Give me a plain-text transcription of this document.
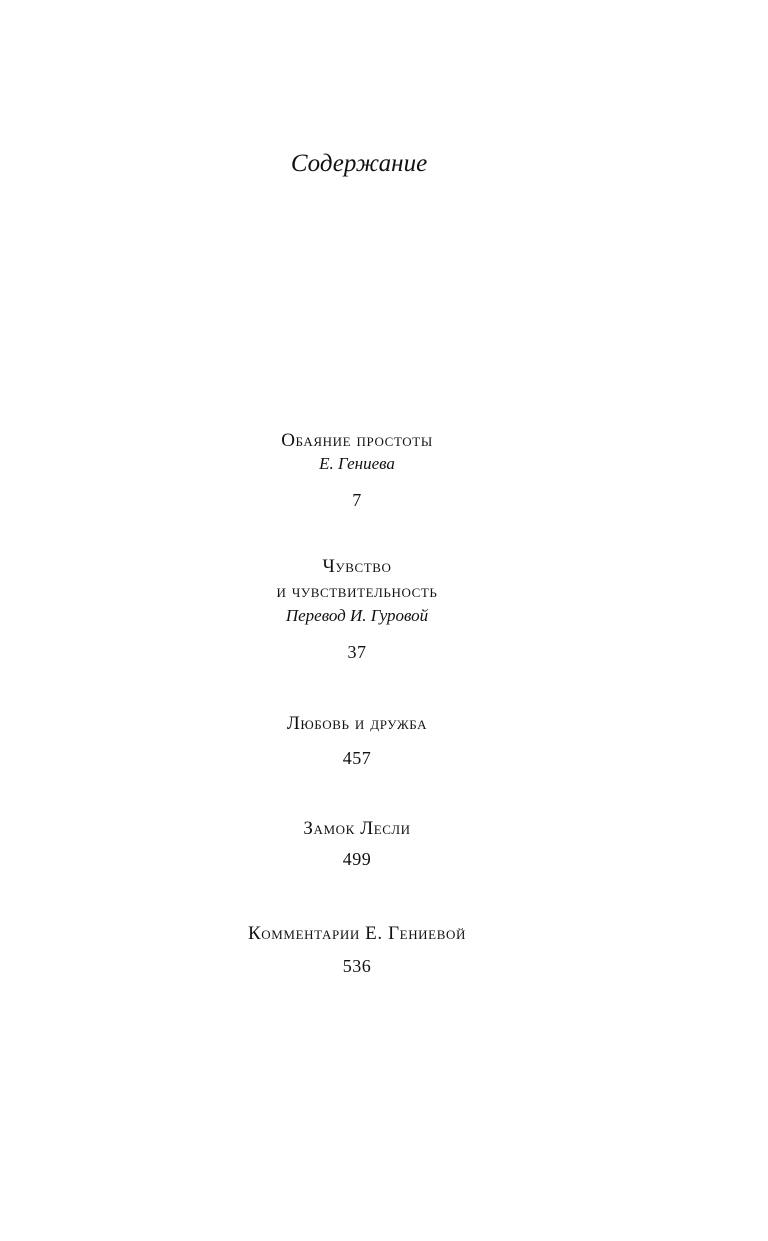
Содержание
Обаяние простоты
Е. Гениева
7
Чувство
и чувствительность
Перевод И. Гуровой
37
Любовь и дружба
457
Замок Лесли
499
Комментарии Е. Гениевой
536
